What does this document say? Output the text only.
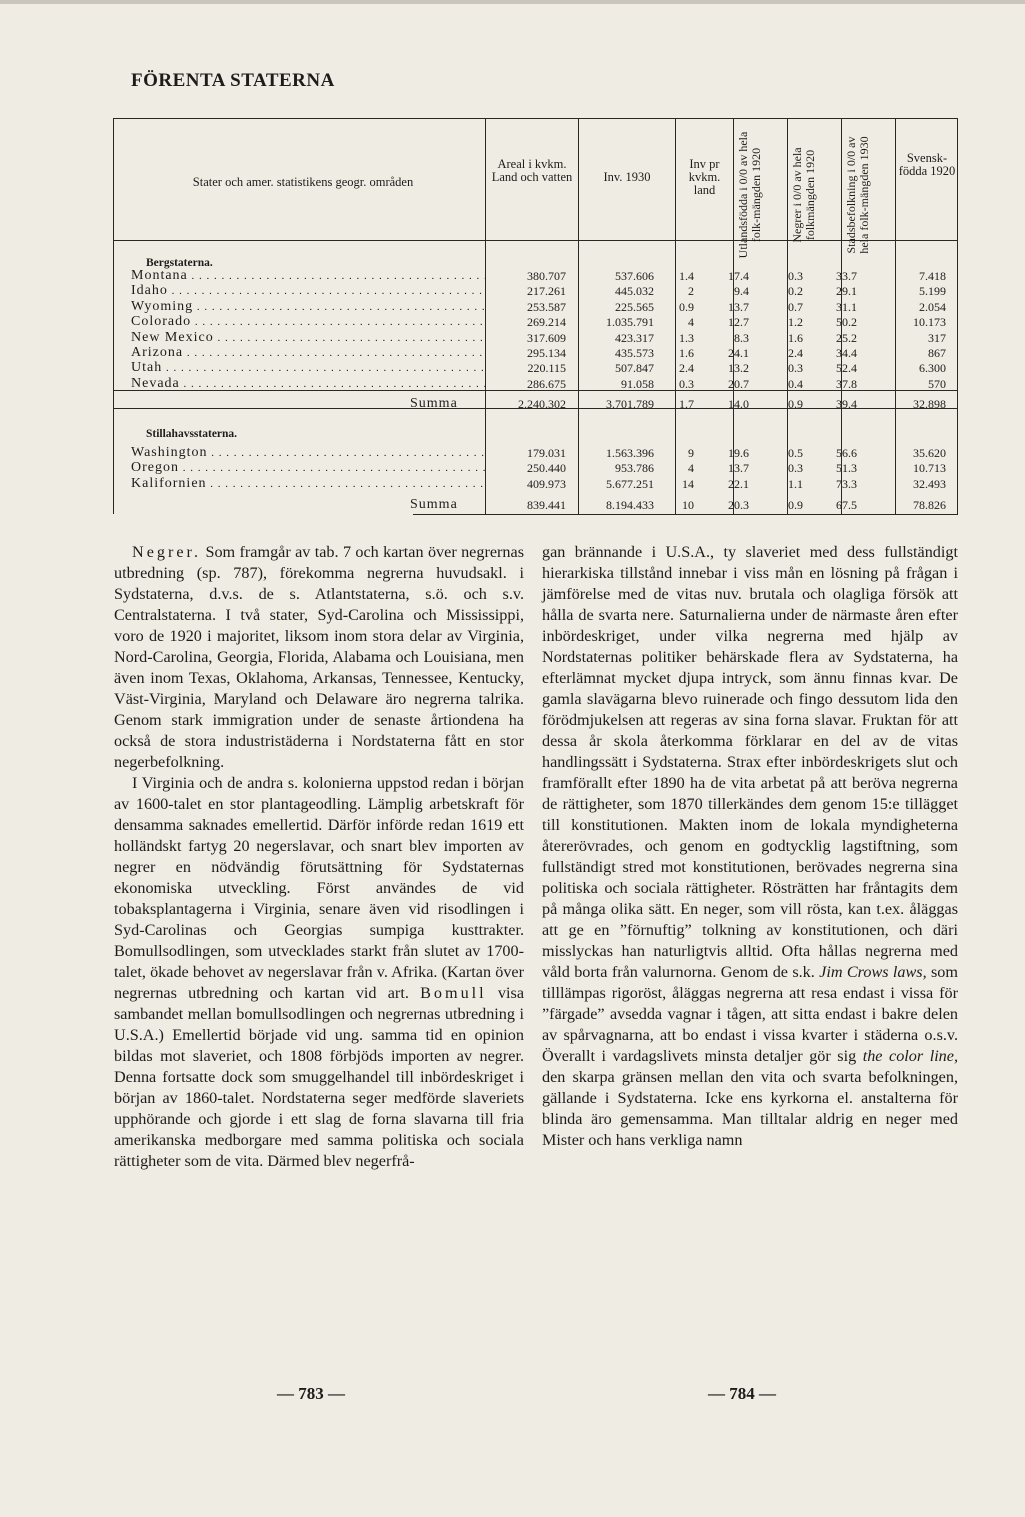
FÖRENTA STATERNA
Stater och amer. statistikens geogr. områden
Areal i kvkm. Land och vatten	Inv. 1930
Inv pr kvkm. land	Utlandsfödda i 0/0 av hela folk-mängden 1920	Negrer i 0/0 av hela folkmängden 1920	Stadsbefolkning i 0/0 av hela folk-mängden 1930	Svensk-födda 1920
Bergstaterna.
Montana . . .	380.707	537.606	1.4	17.4	0.3	33.7	7.418
Idaho . . .	217.261	445.032	2	9.4	0.2	29.1	5.199
Wyoming . . .	253.587	225.565	0.9	13.7	0.7	31.1	2.054
Colorado . . .	269.214	1.035.791	4	12.7	1.2	50.2	10.173
New Mexico . . .	317.609	423.317	1.3	8.3	1.6	25.2	317
Arizona . . .	295.134	435.573	1.6	24.1	2.4	34.4	867
Utah . . .	220.115	507.847	2.4	13.2	0.3	52.4	6.300
Nevada . . .	286.675	91.058	0.3	20.7	0.4	37.8	570
Summa	2.240.302	3.701.789	1.7	14.0	0.9	39.4	32.898
Stillahavsstaterna.
Washington . . .	179.031	1.563.396	9	19.6	0.5	56.6	35.620
Oregon . . .	250.440	953.786	4	13.7	0.3	51.3	10.713
Kalifornien . . .	409.973	5.677.251	14	22.1	1.1	73.3	32.493
Summa	839.441	8.194.433	10	20.3	0.9	67.5	78.826

Negrer. Som framgår av tab. 7 och kartan över negrernas utbredning (sp. 787), förekomma negrerna huvudsakl. i Sydstaterna, d.v.s. de s. Atlantstaterna, s.ö. och s.v. Centralstaterna. I två stater, Syd-Carolina och Mississippi, voro de 1920 i majoritet, liksom inom stora delar av Virginia, Nord-Carolina, Georgia, Florida, Alabama och Louisiana, men även inom Texas, Oklahoma, Arkansas, Tennessee, Kentucky, Väst-Virginia, Maryland och Delaware äro negrerna talrika. Genom stark immigration under de senaste årtiondena ha också de stora industristäderna i Nordstaterna fått en stor negerbefolkning.

I Virginia och de andra s. kolonierna uppstod redan i början av 1600-talet en stor plantageodling. Lämplig arbetskraft för densamma saknades emellertid. Därför införde redan 1619 ett holländskt fartyg 20 negerslavar, och snart blev importen av negrer en nödvändig förutsättning för Sydstaternas ekonomiska utveckling. Först användes de vid tobaksplantagerna i Virginia, senare även vid risodlingen i Syd-Carolinas och Georgias sumpiga kusttrakter. Bomullsodlingen, som utvecklades starkt från slutet av 1700-talet, ökade behovet av negerslavar från v. Afrika. (Kartan över negrernas utbredning och kartan vid art. Bomull visa sambandet mellan bomullsodlingen och negrernas utbredning i U.S.A.) Emellertid började vid ung. samma tid en opinion bildas mot slaveriet, och 1808 förbjöds importen av negrer. Denna fortsatte dock som smuggelhandel till inbördeskriget i början av 1860-talet. Nordstaterna seger medförde slaveriets upphörande och gjorde i ett slag de forna slavarna till fria amerikanska medborgare med samma politiska och sociala rättigheter som de vita. Därmed blev negerfrå-

gan brännande i U.S.A., ty slaveriet med dess fullständigt hierarkiska tillstånd innebar i viss mån en lösning på frågan i jämförelse med de vitas nuv. brutala och olagliga försök att hålla de svarta nere. Saturnalierna under de närmaste åren efter inbördeskriget, under vilka negrerna med hjälp av Nordstaternas politiker behärskade flera av Sydstaterna, ha efterlämnat mycket djupa intryck, som ännu finnas kvar. De gamla slavägarna blevo ruinerade och fingo dessutom lida den förödmjukelsen att regeras av sina forna slavar. Fruktan för att dessa år skola återkomma förklarar en del av de vitas handlingssätt i Sydstaterna. Strax efter inbördeskrigets slut och framförallt efter 1890 ha de vita arbetat på att beröva negrerna de rättigheter, som 1870 tillerkändes dem genom 15:e tillägget till konstitutionen. Makten inom de lokala myndigheterna återerövrades, och genom en godtycklig lagstiftning, som fullständigt stred mot konstitutionen, berövades negrerna sina politiska och sociala rättigheter. Rösträtten har fråntagits dem på många olika sätt. En neger, som vill rösta, kan t.ex. åläggas att ge en ”förnuftig” tolkning av konstitutionen, och däri misslyckas han naturligtvis alltid. Ofta hållas negrerna med våld borta från valurnorna. Genom de s.k. Jim Crows laws, som tilllämpas rigoröst, åläggas negrerna att resa endast i vissa för ”färgade” avsedda vagnar i tågen, att sitta endast i bakre delen av spårvagnarna, att bo endast i vissa kvarter i städerna o.s.v. Överallt i vardagslivets minsta detaljer gör sig the color line, den skarpa gränsen mellan den vita och svarta befolkningen, gällande i Sydstaterna. Icke ens kyrkorna el. anstalterna för blinda äro gemensamma. Man tilltalar aldrig en neger med Mister och hans verkliga namn

— 783 —	— 784 —
